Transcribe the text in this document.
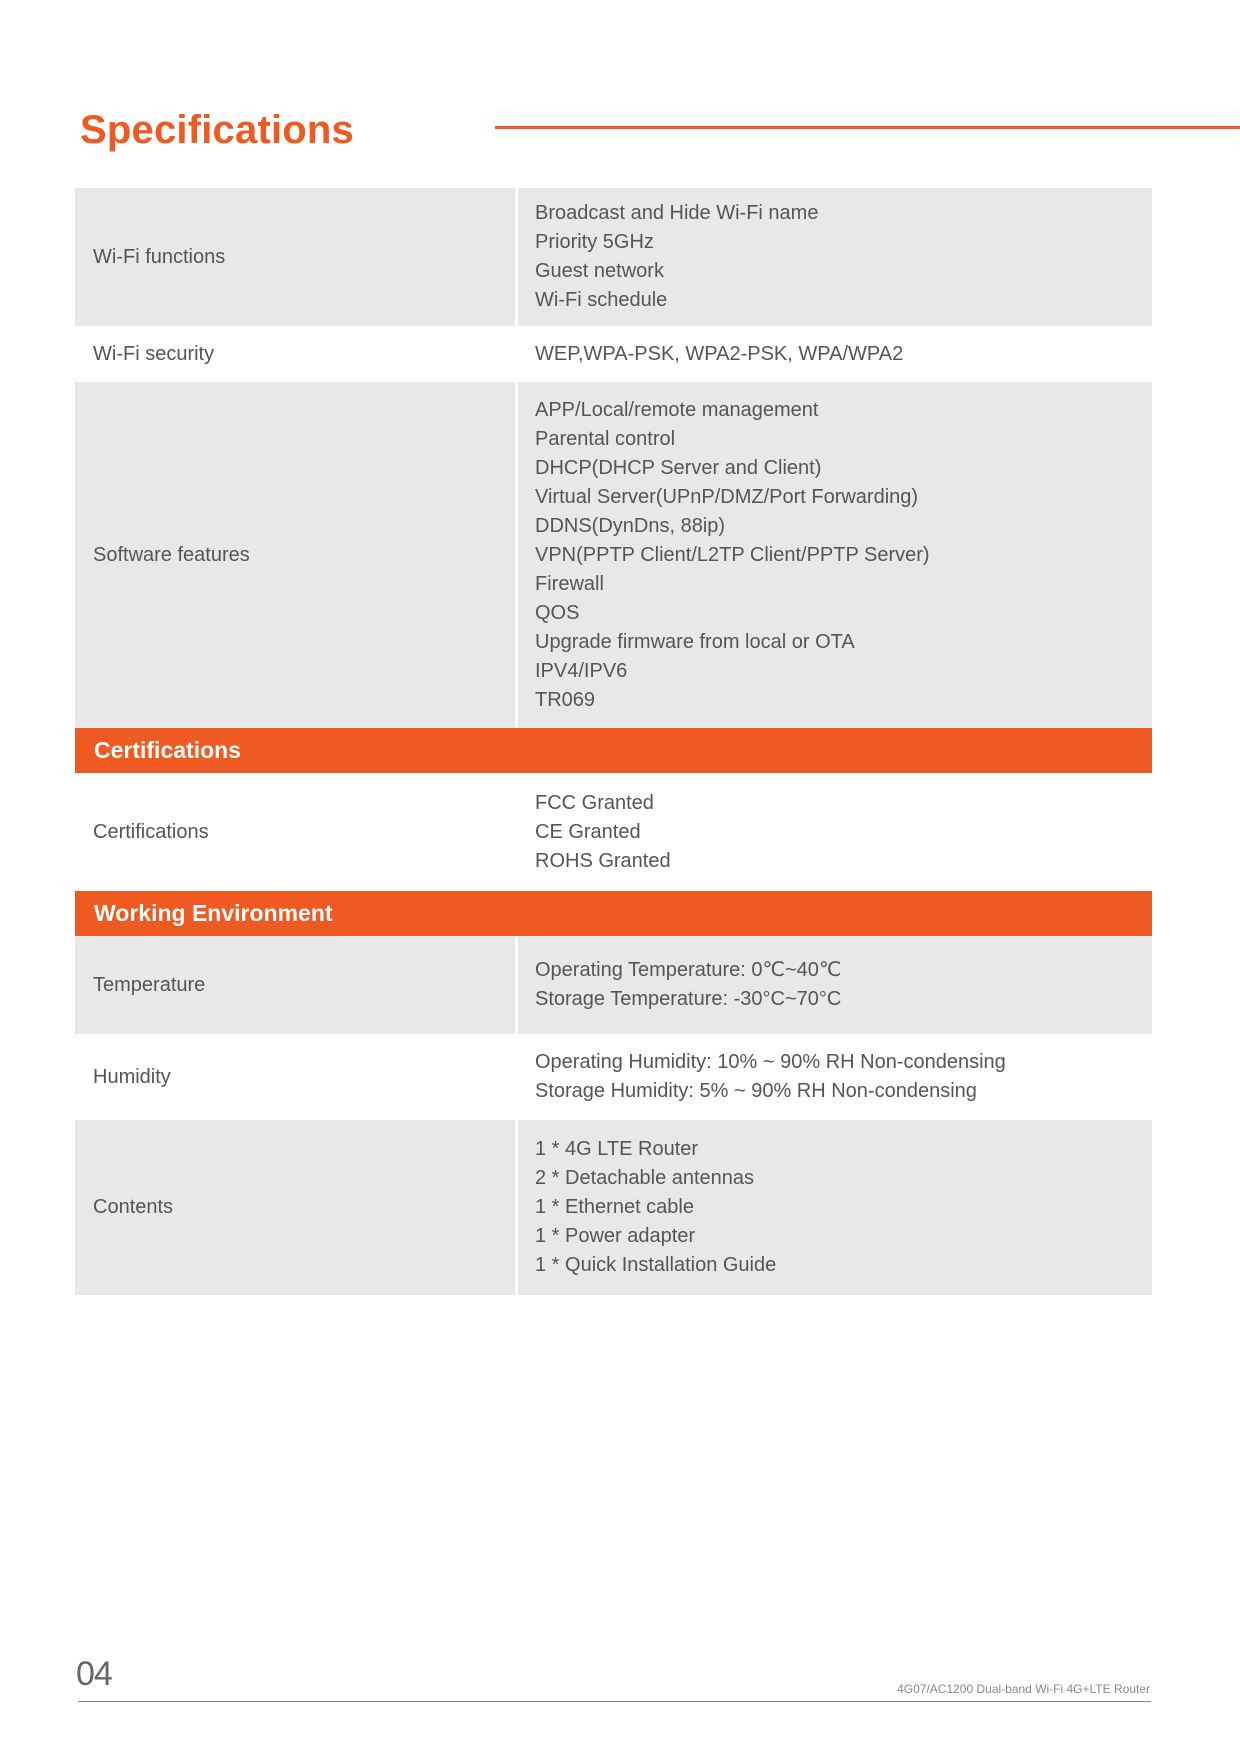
Specifications
Wi-Fi functions
Broadcast and Hide Wi-Fi name
Priority 5GHz
Guest network
Wi-Fi schedule
Wi-Fi security	WEP,WPA-PSK, WPA2-PSK, WPA/WPA2
Software features
APP/Local/remote management
Parental control
DHCP(DHCP Server and Client)
Virtual Server(UPnP/DMZ/Port Forwarding)
DDNS(DynDns, 88ip)
VPN(PPTP Client/L2TP Client/PPTP Server)
Firewall
QOS
Upgrade firmware from local or OTA
IPV4/IPV6
TR069
Certifications
Certifications
FCC Granted
CE Granted
ROHS Granted
Working Environment
Temperature
Operating Temperature: 0℃~40℃
Storage Temperature: -30°C~70°C
Humidity
Operating Humidity: 10% ~ 90% RH Non-condensing
Storage Humidity: 5% ~ 90% RH Non-condensing
Contents
1 * 4G LTE Router
2 * Detachable antennas
1 * Ethernet cable
1 * Power adapter
1 * Quick Installation Guide
04	4G07/AC1200 Dual-band Wi-Fi 4G+LTE Router
